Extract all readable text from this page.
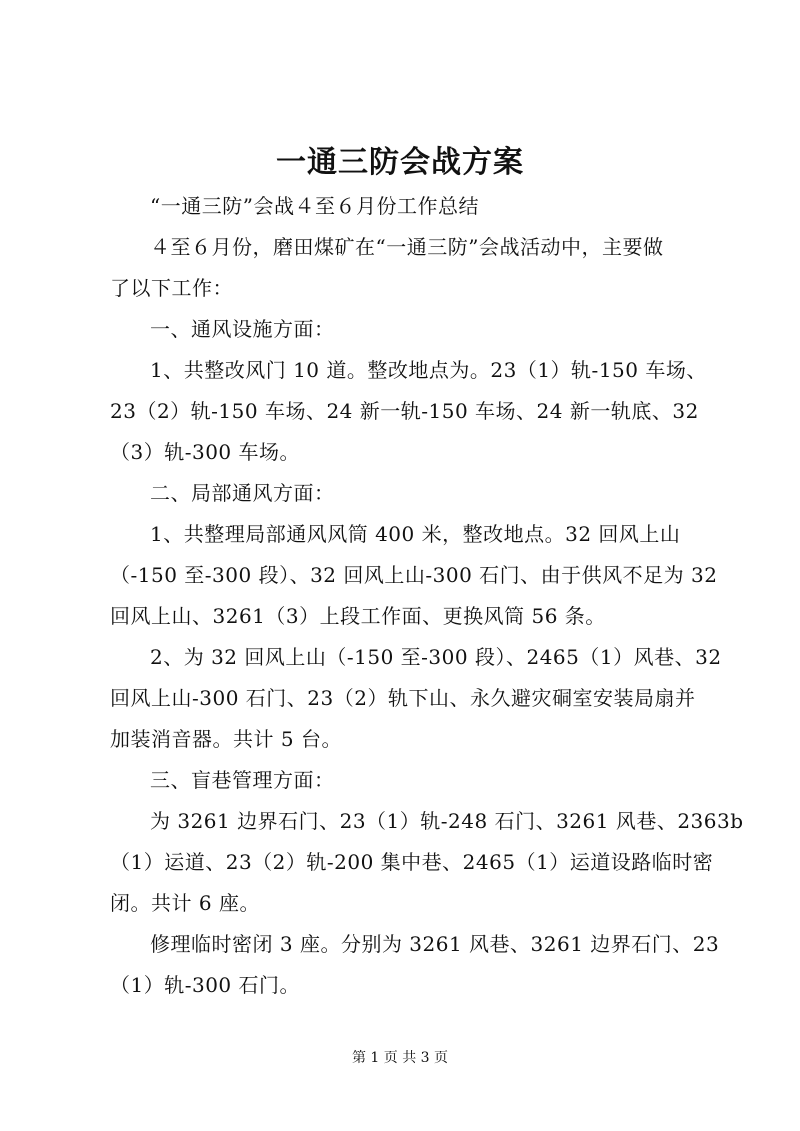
一通三防会战方案

“一通三防”会战４至６月份工作总结

４至６月份，磨田煤矿在“一通三防”会战活动中，主要做
了以下工作：

一、通风设施方面：

1、共整改风门 10 道。整改地点为。23（1）轨-150 车场、
23（2）轨-150 车场、24 新一轨-150 车场、24 新一轨底、32
（3）轨-300 车场。

二、局部通风方面：

1、共整理局部通风风筒 400 米，整改地点。32 回风上山
（-150 至-300 段）、32 回风上山-300 石门、由于供风不足为 32
回风上山、3261（3）上段工作面、更换风筒 56 条。

2、为 32 回风上山（-150 至-300 段）、2465（1）风巷、32
回风上山-300 石门、23（2）轨下山、永久避灾硐室安装局扇并
加装消音器。共计 5 台。

三、盲巷管理方面：

为 3261 边界石门、23（1）轨-248 石门、3261 风巷、2363b
（1）运道、23（2）轨-200 集中巷、2465（1）运道设路临时密
闭。共计 6 座。

修理临时密闭 3 座。分别为 3261 风巷、3261 边界石门、23
（1）轨-300 石门。

第 1 页 共 3 页
